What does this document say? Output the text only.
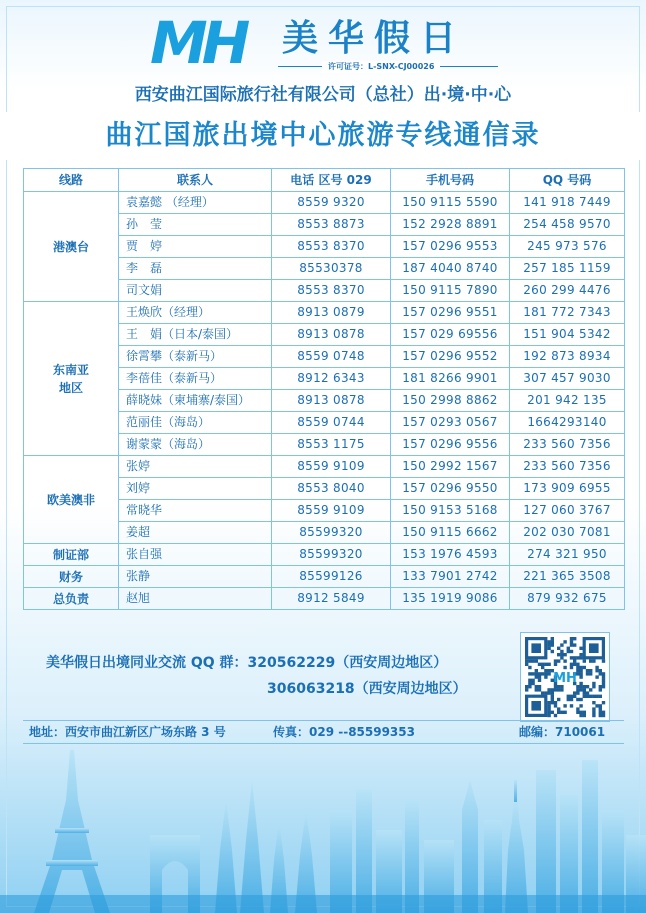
MH 美华假日
许可证号：L-SNX-CJ00026
西安曲江国际旅行社有限公司（总社）出·境·中·心
曲江国旅出境中心旅游专线通信录
线路	联系人	电话 区号 029	手机号码	QQ 号码

港澳台	袁嘉懿 （经理）	8559 9320	150 9115 5590	141 918 7449
	孙　莹	8553 8873	152 2928 8891	254 458 9570
	贾　婷	8553 8370	157 0296 9553	245 973 576
	李　磊	85530378	187 4040 8740	257 185 1159
	司文娟	8553 8370	150 9115 7890	260 299 4476

东南亚
地区	王焕欣（经理）	8913 0879	157 0296 9551	181 772 7343
	王　娟（日本/泰国）	8913 0878	157 029 69556	151 904 5342
	徐霄攀（泰新马）	8559 0748	157 0296 9552	192 873 8934
	李蓓佳（泰新马）	8912 6343	181 8266 9901	307 457 9030
	薛晓妹（柬埔寨/泰国）	8913 0878	150 2998 8862	201 942 135
	范丽佳（海岛）	8559 0744	157 0293 0567	1664293140
	谢蒙蒙（海岛）	8553 1175	157 0296 9556	233 560 7356

欧美澳非	张婷	8559 9109	150 2992 1567	233 560 7356
	刘婷	8553 8040	157 0296 9550	173 909 6955
	常晓华	8559 9109	150 9153 5168	127 060 3767
	姜超	85599320	150 9115 6662	202 030 7081

制证部	张自强	85599320	153 1976 4593	274 321 950

财务	张静	85599126	133 7901 2742	221 365 3508

总负责	赵旭	8912 5849	135 1919 9086	879 932 675
美华假日出境同业交流 QQ 群：320562229（西安周边地区）
306063218（西安周边地区）
MH
地址：西安市曲江新区广场东路 3 号	传真：029 --85599353	邮编：710061
